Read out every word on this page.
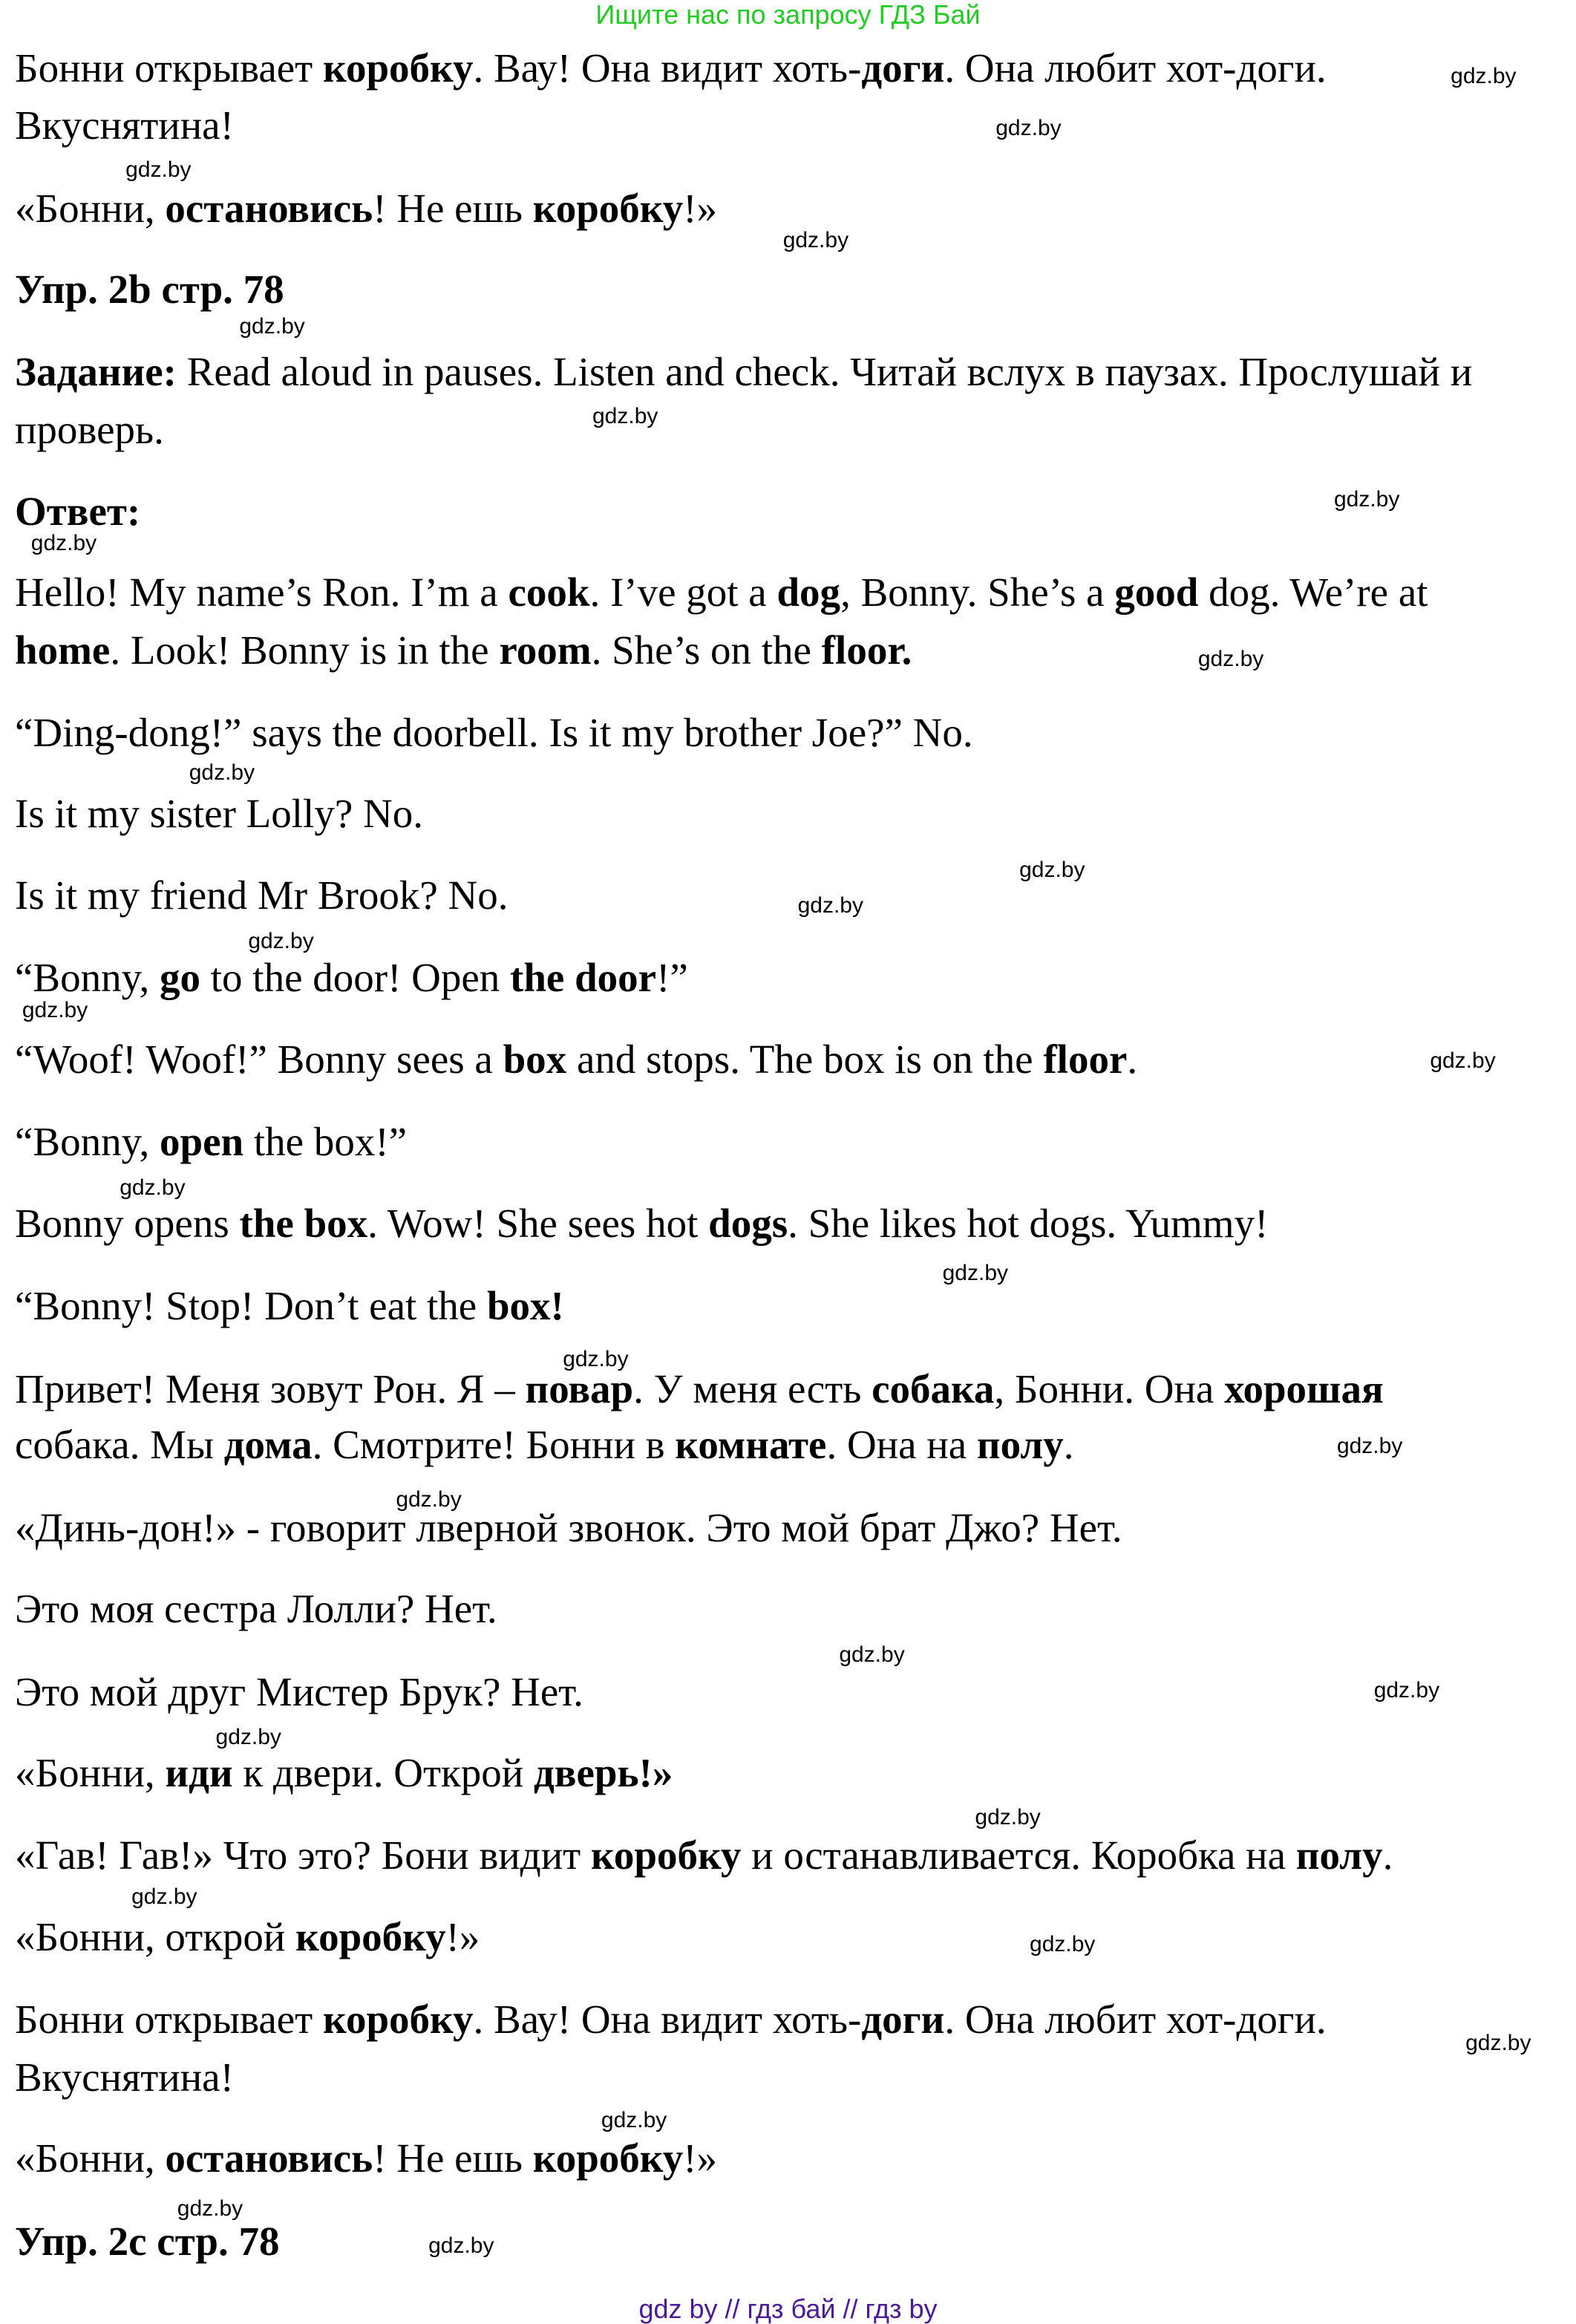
Ищите нас по запросу ГДЗ Бай
Бонни открывает коробку. Вау! Она видит хоть-доги. Она любит хот-доги.
Вкуснятина!
«Бонни, остановись! Не ешь коробку!»
Упр. 2b стр. 78
Задание: Read aloud in pauses. Listen and check. Читай вслух в паузах. Прослушай и
проверь.
Ответ:
Hello! My name’s Ron. I’m a cook. I’ve got a dog, Bonny. She’s a good dog. We’re at
home. Look! Bonny is in the room. She’s on the floor.
“Ding-dong!” says the doorbell. Is it my brother Joe?” No.
Is it my sister Lolly? No.
Is it my friend Mr Brook? No.
“Bonny, go to the door! Open the door!”
“Woof! Woof!” Bonny sees a box and stops. The box is on the floor.
“Bonny, open the box!”
Bonny opens the box. Wow! She sees hot dogs. She likes hot dogs. Yummy!
“Bonny! Stop! Don’t eat the box!
Привет! Меня зовут Рон. Я – повар. У меня есть собака, Бонни. Она хорошая
собака. Мы дома. Смотрите! Бонни в комнате. Она на полу.
«Динь-дон!» - говорит лверной звонок. Это мой брат Джо? Нет.
Это моя сестра Лолли? Нет.
Это мой друг Мистер Брук? Нет.
«Бонни, иди к двери. Открой дверь!»
«Гав! Гав!» Что это? Бони видит коробку и останавливается. Коробка на полу.
«Бонни, открой коробку!»
Бонни открывает коробку. Вау! Она видит хоть-доги. Она любит хот-доги.
Вкуснятина!
«Бонни, остановись! Не ешь коробку!»
Упр. 2c стр. 78
gdz.by
gdz.by
gdz.by
gdz.by
gdz.by
gdz.by
gdz.by
gdz.by
gdz.by
gdz.by
gdz.by
gdz.by
gdz.by
gdz.by
gdz.by
gdz.by
gdz.by
gdz.by
gdz.by
gdz.by
gdz.by
gdz.by
gdz.by
gdz.by
gdz.by
gdz.by
gdz.by
gdz.by
gdz.by
gdz.by
gdz by // гдз бай // гдз by
